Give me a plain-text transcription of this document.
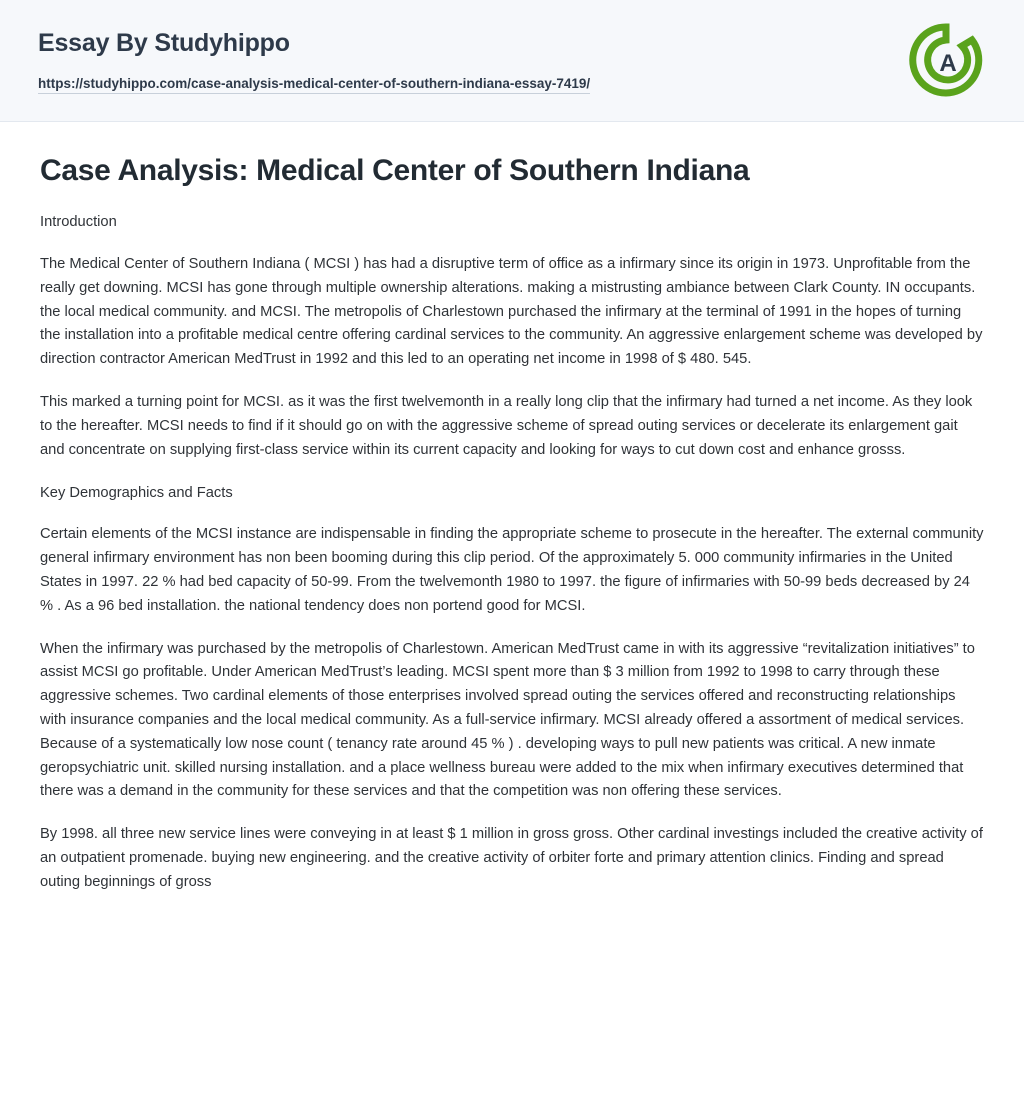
Essay By Studyhippo
https://studyhippo.com/case-analysis-medical-center-of-southern-indiana-essay-7419/
A
Case Analysis: Medical Center of Southern Indiana

Introduction

The Medical Center of Southern Indiana ( MCSI ) has had a disruptive term of office as a infirmary since its origin in 1973. Unprofitable from the really get downing. MCSI has gone through multiple ownership alterations. making a mistrusting ambiance between Clark County. IN occupants. the local medical community. and MCSI. The metropolis of Charlestown purchased the infirmary at the terminal of 1991 in the hopes of turning the installation into a profitable medical centre offering cardinal services to the community. An aggressive enlargement scheme was developed by direction contractor American MedTrust in 1992 and this led to an operating net income in 1998 of $ 480. 545.

This marked a turning point for MCSI. as it was the first twelvemonth in a really long clip that the infirmary had turned a net income. As they look to the hereafter. MCSI needs to find if it should go on with the aggressive scheme of spread outing services or decelerate its enlargement gait and concentrate on supplying first-class service within its current capacity and looking for ways to cut down cost and enhance grosss.

Key Demographics and Facts

Certain elements of the MCSI instance are indispensable in finding the appropriate scheme to prosecute in the hereafter. The external community general infirmary environment has non been booming during this clip period. Of the approximately 5. 000 community infirmaries in the United States in 1997. 22 % had bed capacity of 50-99. From the twelvemonth 1980 to 1997. the figure of infirmaries with 50-99 beds decreased by 24 % . As a 96 bed installation. the national tendency does non portend good for MCSI.

When the infirmary was purchased by the metropolis of Charlestown. American MedTrust came in with its aggressive “revitalization initiatives” to assist MCSI go profitable. Under American MedTrust’s leading. MCSI spent more than $ 3 million from 1992 to 1998 to carry through these aggressive schemes. Two cardinal elements of those enterprises involved spread outing the services offered and reconstructing relationships with insurance companies and the local medical community. As a full-service infirmary. MCSI already offered a assortment of medical services. Because of a systematically low nose count ( tenancy rate around 45 % ) . developing ways to pull new patients was critical. A new inmate geropsychiatric unit. skilled nursing installation. and a place wellness bureau were added to the mix when infirmary executives determined that there was a demand in the community for these services and that the competition was non offering these services.

By 1998. all three new service lines were conveying in at least $ 1 million in gross gross. Other cardinal investings included the creative activity of an outpatient promenade. buying new engineering. and the creative activity of orbiter forte and primary attention clinics. Finding and spread outing beginnings of gross
